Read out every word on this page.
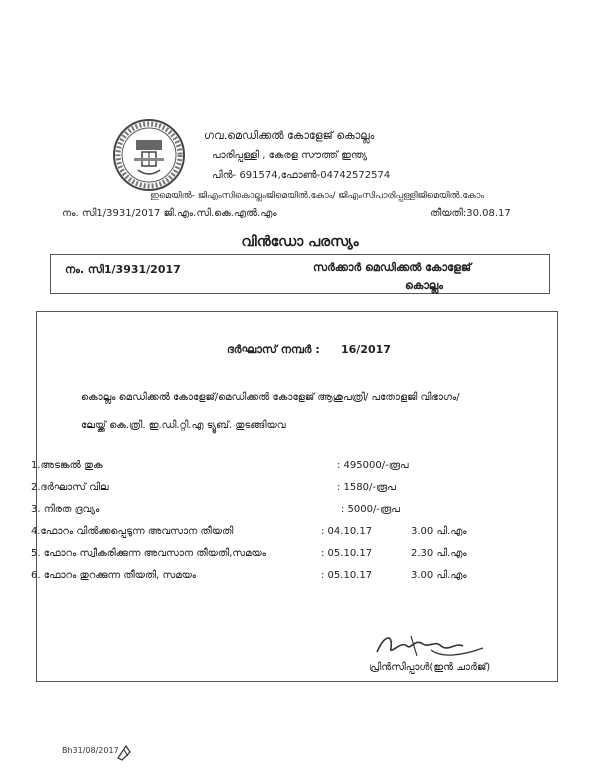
ഗവ.മെഡിക്കൽ കോളേജ് കൊല്ലം
പാരിപ്പള്ളി , കേരള സൗത്ത് ഇന്ത്യ
പിൻ- 691574,ഫോൺ-04742572574
ഇമെയിൽ- ജിഎംസികൊല്ലംജിമെയിൽ.കോം/ ജിഎംസിപാരിപ്പള്ളിജിമെയിൽ.കോം
നം. സി1/3931/2017 ജി.എം.സി.കെ.എൽ.എം	തീയതി:30.08.17
വിൻഡോ പരസ്യം
നം. സി1/3931/2017	സർക്കാർ മെഡിക്കൽ കോളേജ്
കൊല്ലം
ദർഘാസ് നമ്പർ : 16/2017
കൊല്ലം മെഡിക്കൽ കോളേജ്/മെഡിക്കൽ കോളേജ് ആശുപത്രി/ പതോളജി വിഭാഗം/
ലേയ്ക്ക് കെ.ത്രി. ഇ.ഡി.റ്റി.എ ട്യൂബ്. തുടങ്ങിയവ
1.അടങ്കൽ തുക	: 495000/-രൂപ
2.ദർഘാസ് വില	: 1580/-രൂപ
3. നിരത ദ്രവ്യം	: 5000/-രൂപ
4.ഫോറം വിൽക്കപ്പെടുന്ന അവസാന തീയതി	: 04.10.17	3.00 പി.എം
5. ഫോറം സ്വീകരിക്കുന്ന അവസാന തീയതി,സമയം	: 05.10.17	2.30 പി.എം
6. ഫോറം തുറക്കുന്ന തീയതി, സമയം	: 05.10.17	3.00 പി.എം
പ്രിൻസിപ്പാൾ(ഇൻ ചാർജ്)
Bh31/08/2017
